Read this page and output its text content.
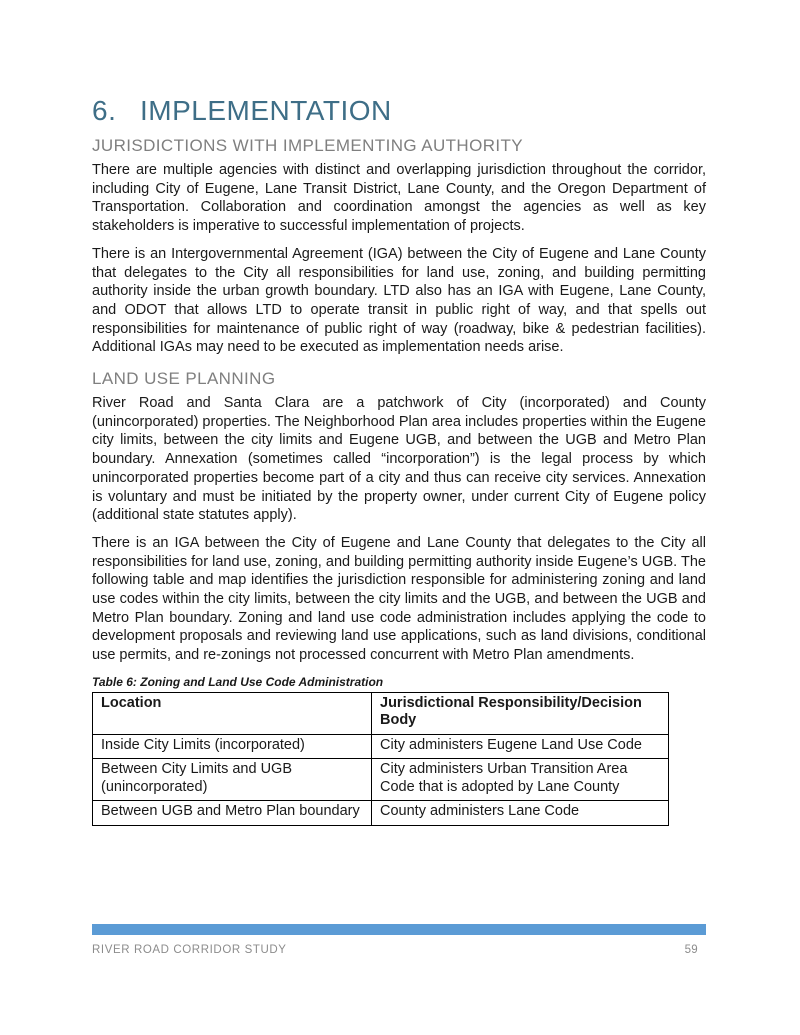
6. IMPLEMENTATION
JURISDICTIONS WITH IMPLEMENTING AUTHORITY

There are multiple agencies with distinct and overlapping jurisdiction throughout the corridor, including City of Eugene, Lane Transit District, Lane County, and the Oregon Department of Transportation. Collaboration and coordination amongst the agencies as well as key stakeholders is imperative to successful implementation of projects.

There is an Intergovernmental Agreement (IGA) between the City of Eugene and Lane County that delegates to the City all responsibilities for land use, zoning, and building permitting authority inside the urban growth boundary. LTD also has an IGA with Eugene, Lane County, and ODOT that allows LTD to operate transit in public right of way, and that spells out responsibilities for maintenance of public right of way (roadway, bike & pedestrian facilities). Additional IGAs may need to be executed as implementation needs arise.

LAND USE PLANNING

River Road and Santa Clara are a patchwork of City (incorporated) and County (unincorporated) properties. The Neighborhood Plan area includes properties within the Eugene city limits, between the city limits and Eugene UGB, and between the UGB and Metro Plan boundary. Annexation (sometimes called “incorporation”) is the legal process by which unincorporated properties become part of a city and thus can receive city services. Annexation is voluntary and must be initiated by the property owner, under current City of Eugene policy (additional state statutes apply).

There is an IGA between the City of Eugene and Lane County that delegates to the City all responsibilities for land use, zoning, and building permitting authority inside Eugene’s UGB. The following table and map identifies the jurisdiction responsible for administering zoning and land use codes within the city limits, between the city limits and the UGB, and between the UGB and Metro Plan boundary. Zoning and land use code administration includes applying the code to development proposals and reviewing land use applications, such as land divisions, conditional use permits, and re-zonings not processed concurrent with Metro Plan amendments.

Table 6: Zoning and Land Use Code Administration
Location	Jurisdictional Responsibility/Decision Body
Inside City Limits (incorporated)	City administers Eugene Land Use Code
Between City Limits and UGB (unincorporated)	City administers Urban Transition Area Code that is adopted by Lane County
Between UGB and Metro Plan boundary	County administers Lane Code
RIVER ROAD CORRIDOR STUDY	59
